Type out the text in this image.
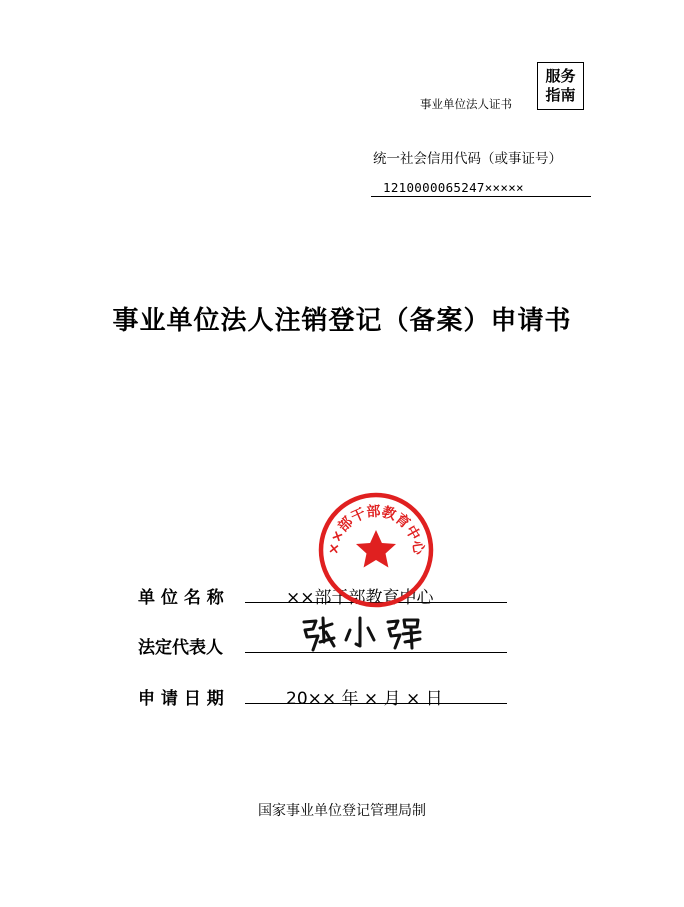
事业单位法人证书
服务
指南
统一社会信用代码（或事证号）
1210000065247×××××
事业单位法人注销登记（备案）申请书
单 位 名 称	××部干部教育中心
法定代表人
申 请 日 期	20×× 年 × 月 × 日
××部干部教育中心
国家事业单位登记管理局制
